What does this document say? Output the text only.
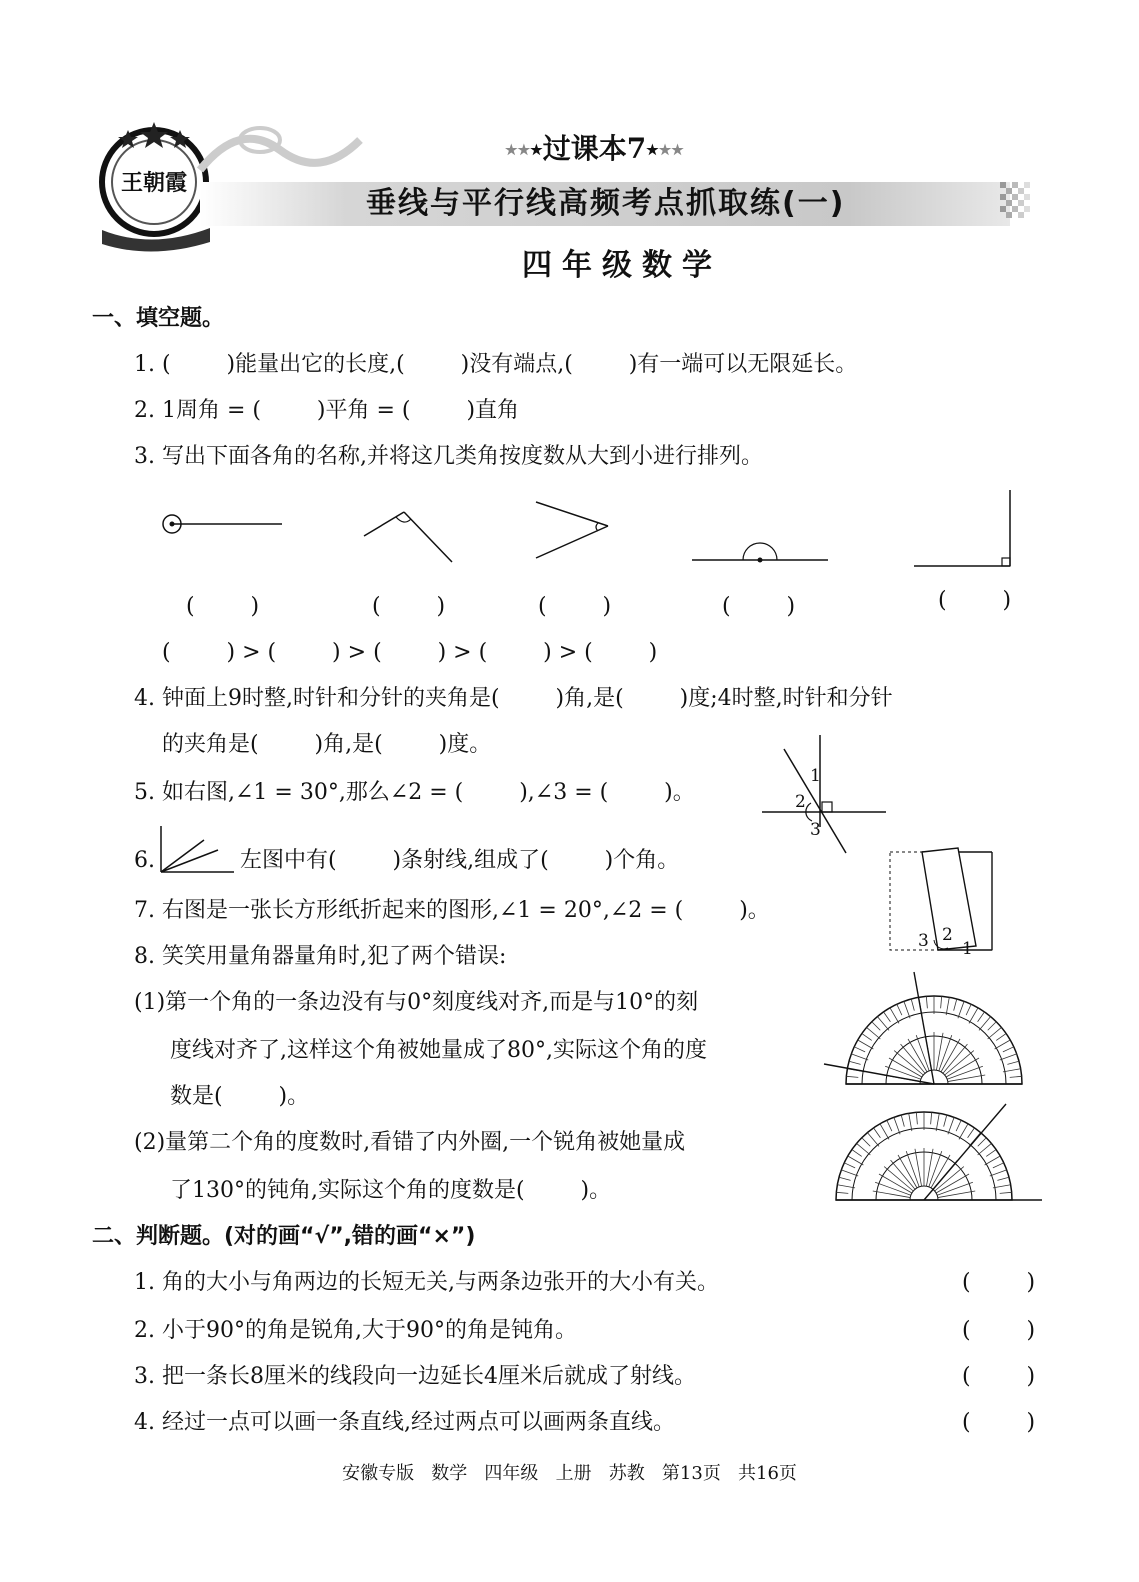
王朝霞
★★★过课本7★★★
垂线与平行线高频考点抓取练(一)
四年级数学
一、填空题。
1. (        )能量出它的长度,(        )没有端点,(        )有一端可以无限延长。
2. 1周角 = (        )平角 = (        )直角
3. 写出下面各角的名称,并将这几类角按度数从大到小进行排列。
(        )	(        )	(        )	(        )	(        )
(        ) > (        ) > (        ) > (        ) > (        )
4. 钟面上9时整,时针和分针的夹角是(        )角,是(        )度;4时整,时针和分针
的夹角是(        )角,是(        )度。
1
2
3
5. 如右图,∠1 = 30°,那么∠2 = (        ),∠3 = (        )。
6.	左图中有(        )条射线,组成了(        )个角。
3 2
1
7. 右图是一张长方形纸折起来的图形,∠1 = 20°,∠2 = (        )。
8. 笑笑用量角器量角时,犯了两个错误:
(1)第一个角的一条边没有与0°刻度线对齐,而是与10°的刻
度线对齐了,这样这个角被她量成了80°,实际这个角的度
数是(        )。
(2)量第二个角的度数时,看错了内外圈,一个锐角被她量成
了130°的钝角,实际这个角的度数是(        )。
二、判断题。(对的画“√”,错的画“×”)
1. 角的大小与角两边的长短无关,与两条边张开的大小有关。	(        )
2. 小于90°的角是锐角,大于90°的角是钝角。	(        )
3. 把一条长8厘米的线段向一边延长4厘米后就成了射线。	(        )
4. 经过一点可以画一条直线,经过两点可以画两条直线。	(        )
安徽专版   数学   四年级   上册   苏教   第13页   共16页
